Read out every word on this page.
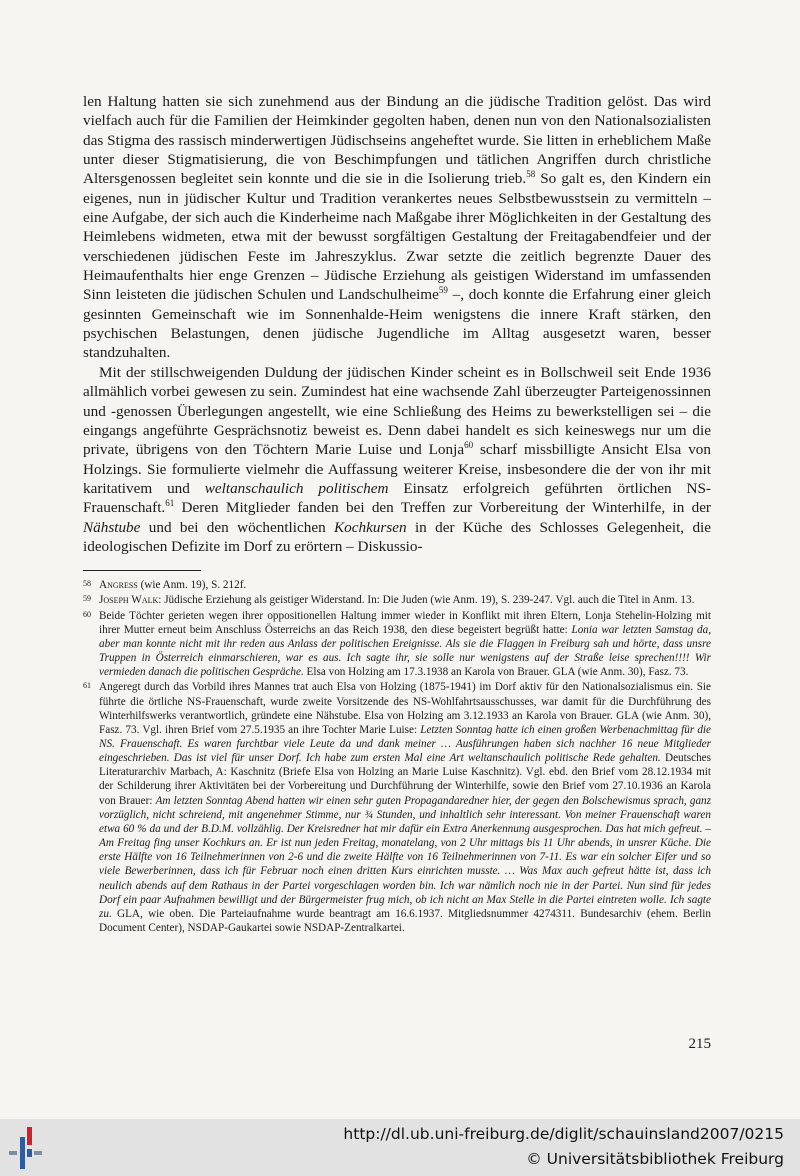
len Haltung hatten sie sich zunehmend aus der Bindung an die jüdische Tradition gelöst. Das wird vielfach auch für die Familien der Heimkinder gegolten haben, denen nun von den Nationalsozialisten das Stigma des rassisch minderwertigen Jüdischseins angeheftet wurde. Sie litten in erheblichem Maße unter dieser Stigmatisierung, die von Beschimpfungen und tätlichen Angriffen durch christliche Altersgenossen begleitet sein konnte und die sie in die Isolierung trieb.$^{58}$ So galt es, den Kindern ein eigenes, nun in jüdischer Kultur und Tradition verankertes neues Selbstbewusstsein zu vermitteln – eine Aufgabe, der sich auch die Kinderheime nach Maßgabe ihrer Möglichkeiten in der Gestaltung des Heimlebens widmeten, etwa mit der bewusst sorgfältigen Gestaltung der Freitagabendfeier und der verschiedenen jüdischen Feste im Jahreszyklus. Zwar setzte die zeitlich begrenzte Dauer des Heimaufenthalts hier enge Grenzen – Jüdische Erziehung als geistigen Widerstand im umfassenden Sinn leisteten die jüdischen Schulen und Landschulheime$^{59}$ –, doch konnte die Erfahrung einer gleich gesinnten Gemeinschaft wie im Sonnenhalde-Heim wenigstens die innere Kraft stärken, den psychischen Belastungen, denen jüdische Jugendliche im Alltag ausgesetzt waren, besser standzuhalten.

Mit der stillschweigenden Duldung der jüdischen Kinder scheint es in Bollschweil seit Ende 1936 allmählich vorbei gewesen zu sein. Zumindest hat eine wachsende Zahl überzeugter Parteigenossinnen und -genossen Überlegungen angestellt, wie eine Schließung des Heims zu bewerkstelligen sei – die eingangs angeführte Gesprächsnotiz beweist es. Denn dabei handelt es sich keineswegs nur um die private, übrigens von den Töchtern Marie Luise und Lonja$^{60}$ scharf missbilligte Ansicht Elsa von Holzings. Sie formulierte vielmehr die Auffassung weiterer Kreise, insbesondere die der von ihr mit karitativem und weltanschaulich politischem Einsatz erfolgreich geführten örtlichen NS-Frauenschaft.$^{61}$ Deren Mitglieder fanden bei den Treffen zur Vorbereitung der Winterhilfe, in der Nähstube und bei den wöchentlichen Kochkursen in der Küche des Schlosses Gelegenheit, die ideologischen Defizite im Dorf zu erörtern – Diskussio-

58 Angress (wie Anm. 19), S. 212f.
59 Joseph Walk: Jüdische Erziehung als geistiger Widerstand. In: Die Juden (wie Anm. 19), S. 239-247. Vgl. auch die Titel in Anm. 13.
60 Beide Töchter gerieten wegen ihrer oppositionellen Haltung immer wieder in Konflikt mit ihren Eltern, Lonja Stehelin-Holzing mit ihrer Mutter erneut beim Anschluss Österreichs an das Reich 1938, den diese begeistert begrüßt hatte: Lonia war letzten Samstag da, aber man konnte nicht mit ihr reden aus Anlass der politischen Ereignisse. Als sie die Flaggen in Freiburg sah und hörte, dass unsre Truppen in Österreich einmarschieren, war es aus. Ich sagte ihr, sie solle nur wenigstens auf der Straße leise sprechen!!!! Wir vermieden danach die politischen Gespräche. Elsa von Holzing am 17.3.1938 an Karola von Brauer. GLA (wie Anm. 30), Fasz. 73.
61 Angeregt durch das Vorbild ihres Mannes trat auch Elsa von Holzing (1875-1941) im Dorf aktiv für den Nationalsozialismus ein. Sie führte die örtliche NS-Frauenschaft, wurde zweite Vorsitzende des NS-Wohlfahrtsausschusses, war damit für die Durchführung des Winterhilfswerks verantwortlich, gründete eine Nähstube. Elsa von Holzing am 3.12.1933 an Karola von Brauer. GLA (wie Anm. 30), Fasz. 73. Vgl. ihren Brief vom 27.5.1935 an ihre Tochter Marie Luise: Letzten Sonntag hatte ich einen großen Werbenachmittag für die NS. Frauenschaft. Es waren furchtbar viele Leute da und dank meiner … Ausführungen haben sich nachher 16 neue Mitglieder eingeschrieben. Das ist viel für unser Dorf. Ich habe zum ersten Mal eine Art weltanschaulich politische Rede gehalten. Deutsches Literaturarchiv Marbach, A: Kaschnitz (Briefe Elsa von Holzing an Marie Luise Kaschnitz). Vgl. ebd. den Brief vom 28.12.1934 mit der Schilderung ihrer Aktivitäten bei der Vorbereitung und Durchführung der Winterhilfe, sowie den Brief vom 27.10.1936 an Karola von Brauer: Am letzten Sonntag Abend hatten wir einen sehr guten Propagandaredner hier, der gegen den Bolschewismus sprach, ganz vorzüglich, nicht schreiend, mit angenehmer Stimme, nur ¾ Stunden, und inhaltlich sehr interessant. Von meiner Frauenschaft waren etwa 60 % da und der B.D.M. vollzählig. Der Kreisredner hat mir dafür ein Extra Anerkennung ausgesprochen. Das hat mich gefreut. – Am Freitag fing unser Kochkurs an. Er ist nun jeden Freitag, monatelang, von 2 Uhr mittags bis 11 Uhr abends, in unsrer Küche. Die erste Hälfte von 16 Teilnehmerinnen von 2-6 und die zweite Hälfte von 16 Teilnehmerinnen von 7-11. Es war ein solcher Eifer und so viele Bewerberinnen, dass ich für Februar noch einen dritten Kurs einrichten musste. … Was Max auch gefreut hätte ist, dass ich neulich abends auf dem Rathaus in der Partei vorgeschlagen worden bin. Ich war nämlich noch nie in der Partei. Nun sind für jedes Dorf ein paar Aufnahmen bewilligt und der Bürgermeister frug mich, ob ich nicht an Max Stelle in die Partei eintreten wolle. Ich sagte zu. GLA, wie oben. Die Parteiaufnahme wurde beantragt am 16.6.1937. Mitgliedsnummer 4274311. Bundesarchiv (ehem. Berlin Document Center), NSDAP-Gaukartei sowie NSDAP-Zentralkartei.
215
http://dl.ub.uni-freiburg.de/diglit/schauinsland2007/0215
© Universitätsbibliothek Freiburg
